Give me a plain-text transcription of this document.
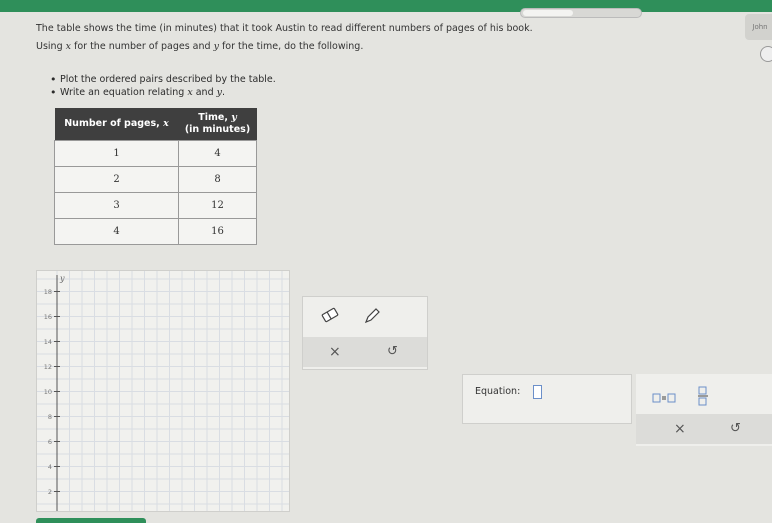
John
The table shows the time (in minutes) that it took Austin to read different numbers of pages of his book.
Using x for the number of pages and y for the time, do the following.
• Plot the ordered pairs described by the table.
• Write an equation relating x and y.
Number of pages, x	Time, y
(in minutes)
1	4
2	8
3	12
4	16
y
18
16
14
12
10
8
6
4
2
×	↺
Equation:
×	↺
